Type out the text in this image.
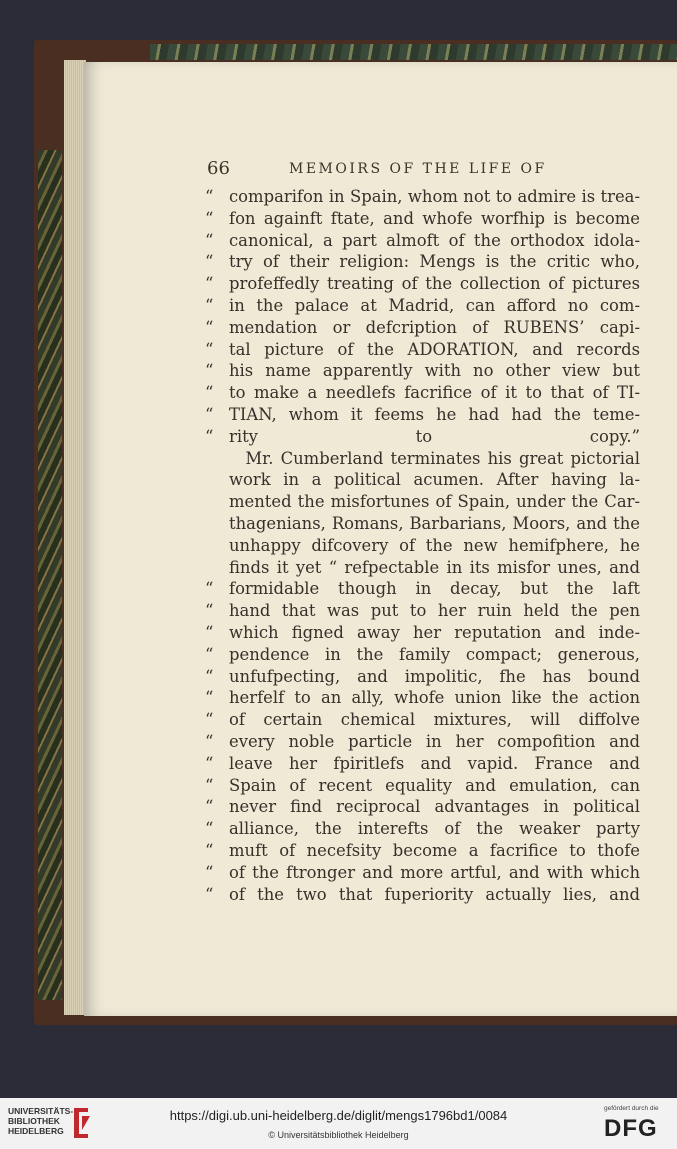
66	MEMOIRS OF THE LIFE OF
“ comparifon in Spain, whom not to admire is trea-
“ fon againft ftate, and whofe worfhip is become
“ canonical, a part almoft of the orthodox idola-
“ try of their religion: Mengs is the critic who,
“ profeffedly treating of the collection of pictures
“ in the palace at Madrid, can afford no com-
“ mendation or defcription of RUBENS’ capi-
“ tal picture of the ADORATION, and records
“ his name apparently with no other view but
“ to make a needlefs facrifice of it to that of TI-
“ TIAN, whom it feems he had had the teme-
“ rity to copy.”
 Mr. Cumberland terminates his great pictorial
work in a political acumen. After having la-
mented the misfortunes of Spain, under the Car-
thagenians, Romans, Barbarians, Moors, and the
unhappy difcovery of the new hemifphere, he
finds it yet “ refpectable in its misfor unes, and
“ formidable though in decay, but the laft
“ hand that was put to her ruin held the pen
“ which figned away her reputation and inde-
“ pendence in the family compact; generous,
“ unfufpecting, and impolitic, fhe has bound
“ herfelf to an ally, whofe union like the action
“ of certain chemical mixtures, will diffolve
“ every noble particle in her compofition and
“ leave her fpiritlefs and vapid. France and
“ Spain of recent equality and emulation, can
“ never find reciprocal advantages in political
“ alliance, the interefts of the weaker party
“ muft of necefsity become a facrifice to thofe
“ of the ftronger and more artful, and with which
“ of the two that fuperiority actually lies, and
UNIVERSITÄTS-
BIBLIOTHEK
HEIDELBERG
https://digi.ub.uni-heidelberg.de/diglit/mengs1796bd1/0084
© Universitätsbibliothek Heidelberg
gefördert durch die
DFG
